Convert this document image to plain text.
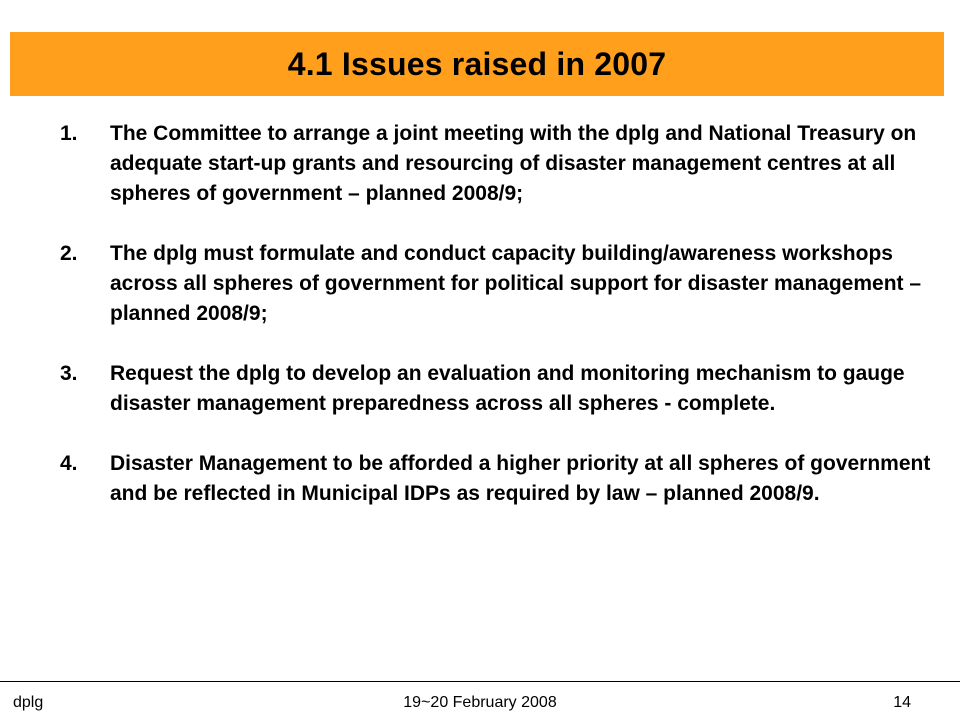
4.1 Issues raised in 2007
1. The Committee to arrange a joint meeting with the dplg and National Treasury on adequate start-up grants and resourcing of disaster management centres at all spheres of government – planned 2008/9;
2. The dplg must formulate and conduct capacity building/awareness workshops across all spheres of government for political support for disaster management – planned 2008/9;
3. Request the dplg to develop an evaluation and monitoring mechanism to gauge disaster management preparedness across all spheres - complete.
4. Disaster Management to be afforded a higher priority at all spheres of government and be reflected in Municipal IDPs as required by law – planned 2008/9.
dplg	19~20 February 2008	14
